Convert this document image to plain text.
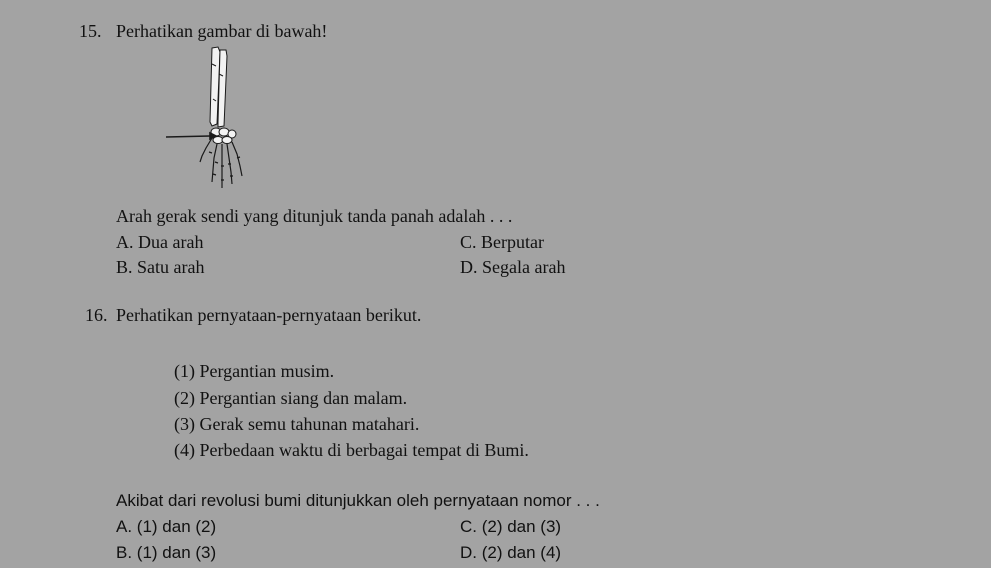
15. Perhatikan gambar di bawah!
Arah gerak sendi yang ditunjuk tanda panah adalah . . .
A. Dua arah	C. Berputar
B. Satu arah	D. Segala arah
16. Perhatikan pernyataan-pernyataan berikut.
(1) Pergantian musim.
(2) Pergantian siang dan malam.
(3) Gerak semu tahunan matahari.
(4) Perbedaan waktu di berbagai tempat di Bumi.
Akibat dari revolusi bumi ditunjukkan oleh pernyataan nomor . . .
A. (1) dan (2)	C. (2) dan (3)
B. (1) dan (3)	D. (2) dan (4)
